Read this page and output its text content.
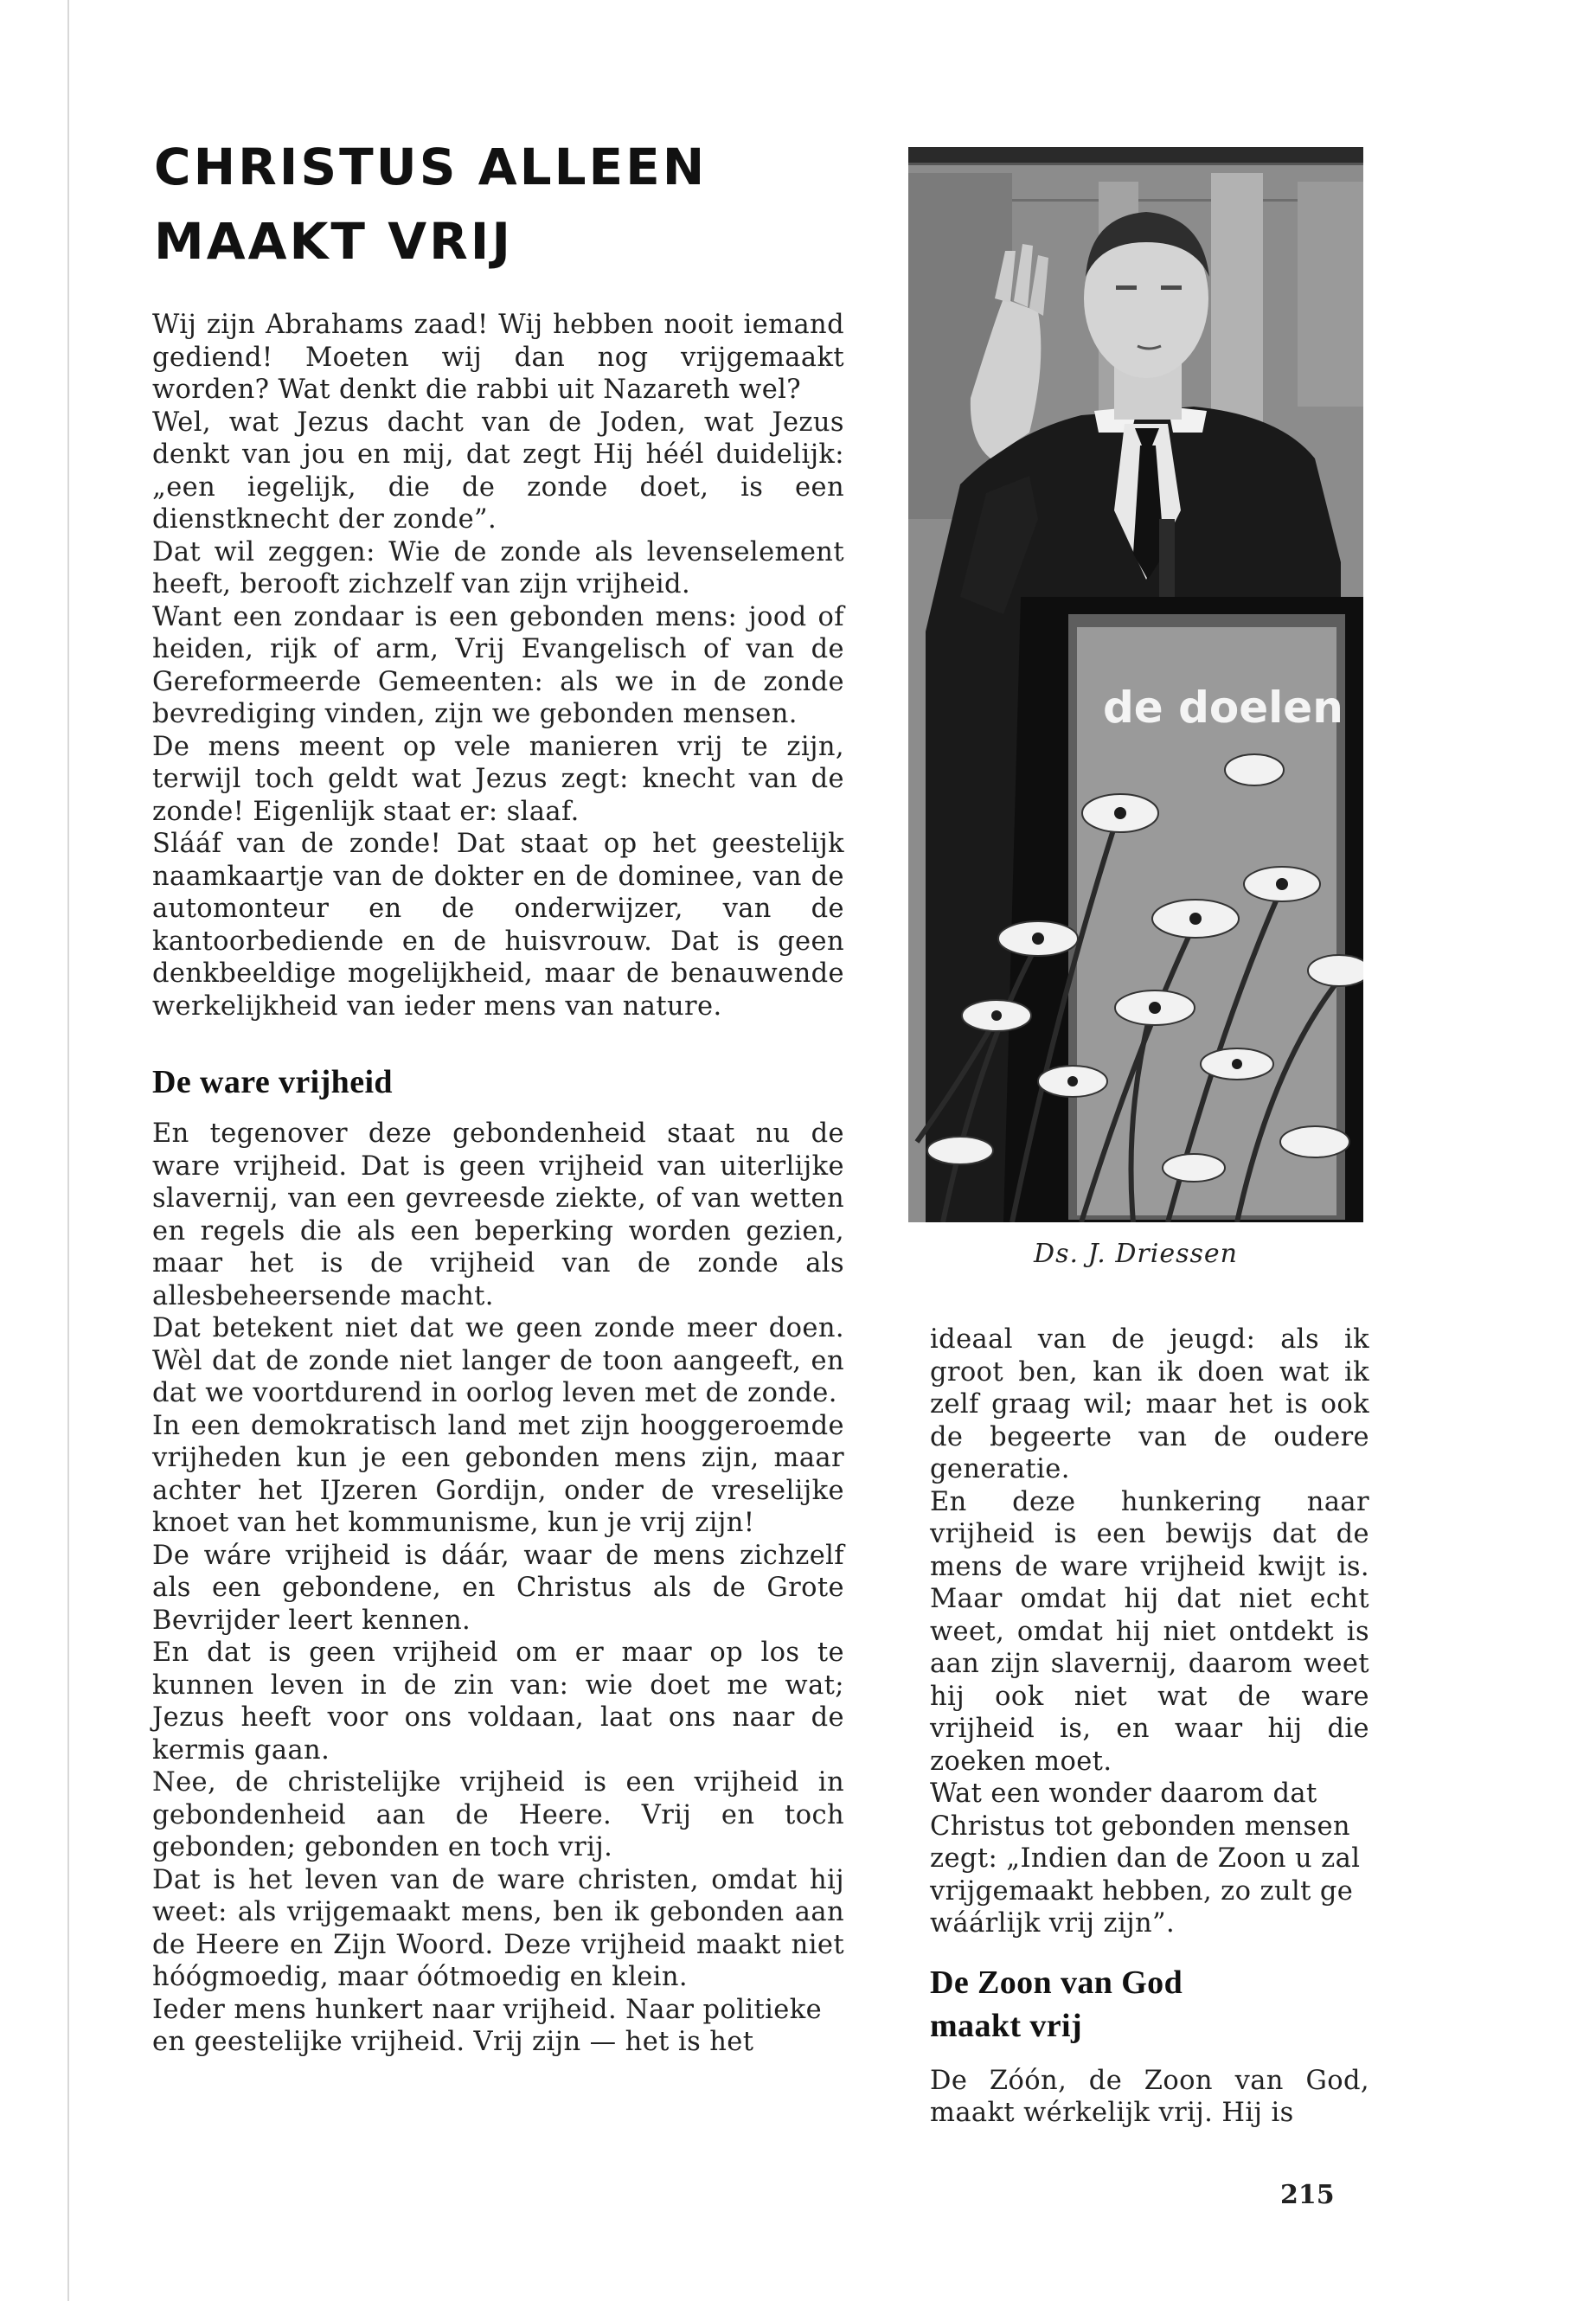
CHRISTUS ALLEEN
MAAKT VRIJ

Wij zijn Abrahams zaad! Wij hebben nooit iemand gediend! Moeten wij dan nog vrijgemaakt worden? Wat denkt die rabbi uit Nazareth wel?

Wel, wat Jezus dacht van de Joden, wat Jezus denkt van jou en mij, dat zegt Hij héél duidelijk: „een iegelijk, die de zonde doet, is een dienstknecht der zonde”.

Dat wil zeggen: Wie de zonde als levenselement heeft, berooft zichzelf van zijn vrijheid.

Want een zondaar is een gebonden mens: jood of heiden, rijk of arm, Vrij Evangelisch of van de Gereformeerde Gemeenten: als we in de zonde bevrediging vinden, zijn we gebonden mensen.

De mens meent op vele manieren vrij te zijn, terwijl toch geldt wat Jezus zegt: knecht van de zonde! Eigenlijk staat er: slaaf.

Slááf van de zonde! Dat staat op het geestelijk naamkaartje van de dokter en de dominee, van de automonteur en de onderwijzer, van de kantoorbediende en de huisvrouw. Dat is geen denkbeeldige mogelijkheid, maar de benauwende werkelijkheid van ieder mens van nature.

De ware vrijheid

En tegenover deze gebondenheid staat nu de ware vrijheid. Dat is geen vrijheid van uiterlijke slavernij, van een gevreesde ziekte, of van wetten en regels die als een beperking worden gezien, maar het is de vrijheid van de zonde als allesbeheersende macht.

Dat betekent niet dat we geen zonde meer doen. Wèl dat de zonde niet langer de toon aangeeft, en dat we voortdurend in oorlog leven met de zonde.

In een demokratisch land met zijn hooggeroemde vrijheden kun je een gebonden mens zijn, maar achter het IJzeren Gordijn, onder de vreselijke knoet van het kommunisme, kun je vrij zijn!

De wáre vrijheid is dáár, waar de mens zichzelf als een gebondene, en Christus als de Grote Bevrijder leert kennen.

En dat is geen vrijheid om er maar op los te kunnen leven in de zin van: wie doet me wat; Jezus heeft voor ons voldaan, laat ons naar de kermis gaan.

Nee, de christelijke vrijheid is een vrijheid in gebondenheid aan de Heere. Vrij en toch gebonden; gebonden en toch vrij.

Dat is het leven van de ware christen, omdat hij weet: als vrijgemaakt mens, ben ik gebonden aan de Heere en Zijn Woord. Deze vrijheid maakt niet hóógmoedig, maar óótmoedig en klein.

Ieder mens hunkert naar vrijheid. Naar politieke en geestelijke vrijheid. Vrij zijn — het is het

de doelen
Ds. J. Driessen

ideaal van de jeugd: als ik groot ben, kan ik doen wat ik zelf graag wil; maar het is ook de begeerte van de oudere generatie.

En deze hunkering naar vrijheid is een bewijs dat de mens de ware vrijheid kwijt is. Maar omdat hij dat niet echt weet, omdat hij niet ontdekt is aan zijn slavernij, daarom weet hij ook niet wat de ware vrijheid is, en waar hij die zoeken moet.

Wat een wonder daarom dat Christus tot gebonden mensen zegt: „Indien dan de Zoon u zal vrijgemaakt hebben, zo zult ge wáárlijk vrij zijn”.

De Zoon van God
maakt vrij

De Zóón, de Zoon van God, maakt wérkelijk vrij. Hij is

215
